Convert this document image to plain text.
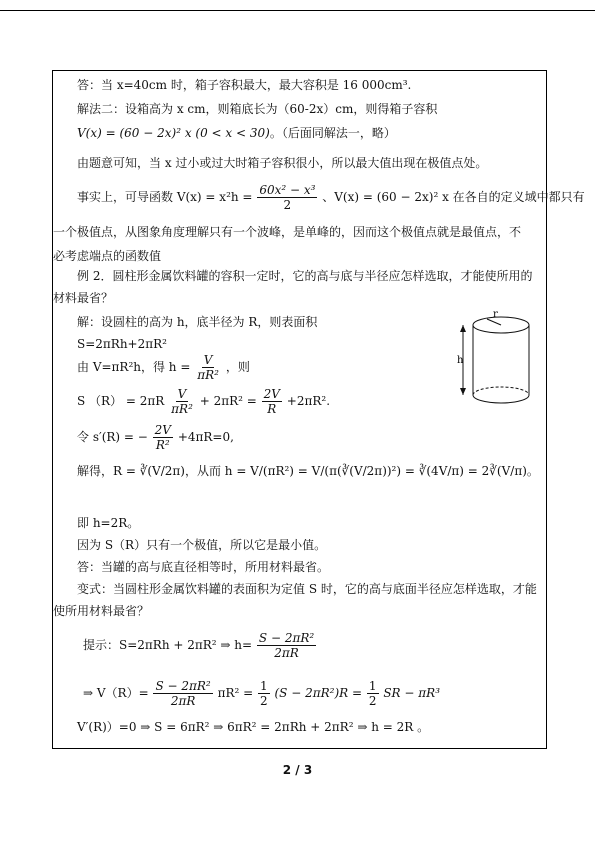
答：当 x=40cm 时，箱子容积最大，最大容积是 16 000cm³.
解法二：设箱高为 x cm，则箱底长为（60-2x）cm，则得箱子容积
V(x) = (60 − 2x)² x (0 < x < 30)。（后面同解法一，略）
由题意可知，当 x 过小或过大时箱子容积很小，所以最大值出现在极值点处。
事实上，可导函数 $V(x) = x^2h = \frac{\text{60x² − x³}}{2}$ 、V(x) = (60 − 2x)² x 在各自的定义域中都只有
一个极值点，从图象角度理解只有一个波峰，是单峰的，因而这个极值点就是最值点，不
必考虑端点的函数值
例 2．圆柱形金属饮料罐的容积一定时，它的高与底与半径应怎样选取，才能使所用的
材料最省？
解：设圆柱的高为 h，底半径为 R，则表面积
S=2πRh+2πR²
由 V=πR²h，得 $h = \frac{V}{\text{πR²}}$ ，则
S $(R) = 2\pi R \frac{V}{\text{πR²}} + 2\pi R^2 = \frac{2V}{R} +2\pi R^2$.
令 s′(R) = − $\frac{2V}{\text{R²}} +4\pi R=0$,
解得，R = ∛(V/2π)，从而 h = V/(πR²) = V/(π(∛(V/2π))²) = ∛(4V/π) = 2∛(V/π)。
即 h=2R。
因为 S（R）只有一个极值，所以它是最小值。
答：当罐的高与底直径相等时，所用材料最省。
变式：当圆柱形金属饮料罐的表面积为定值 S 时，它的高与底面半径应怎样选取，才能
使所用材料最省？
提示：S=2πRh + 2πR² ⇒ $h= \frac{\text{S − 2πR²}}{2\pi R}$
⇒ $V(R)= \frac{\text{S − 2πR²}}{2\pi R} \pi R^2 = \frac{1}{2} (S - 2\pi R^2)R = \frac{1}{2}$ SR − πR³
V′(R)）=0 ⇒ S = 6πR² ⇒ 6πR² = 2πRh + 2πR² ⇒ h = 2R 。
r
h
2 / 3
